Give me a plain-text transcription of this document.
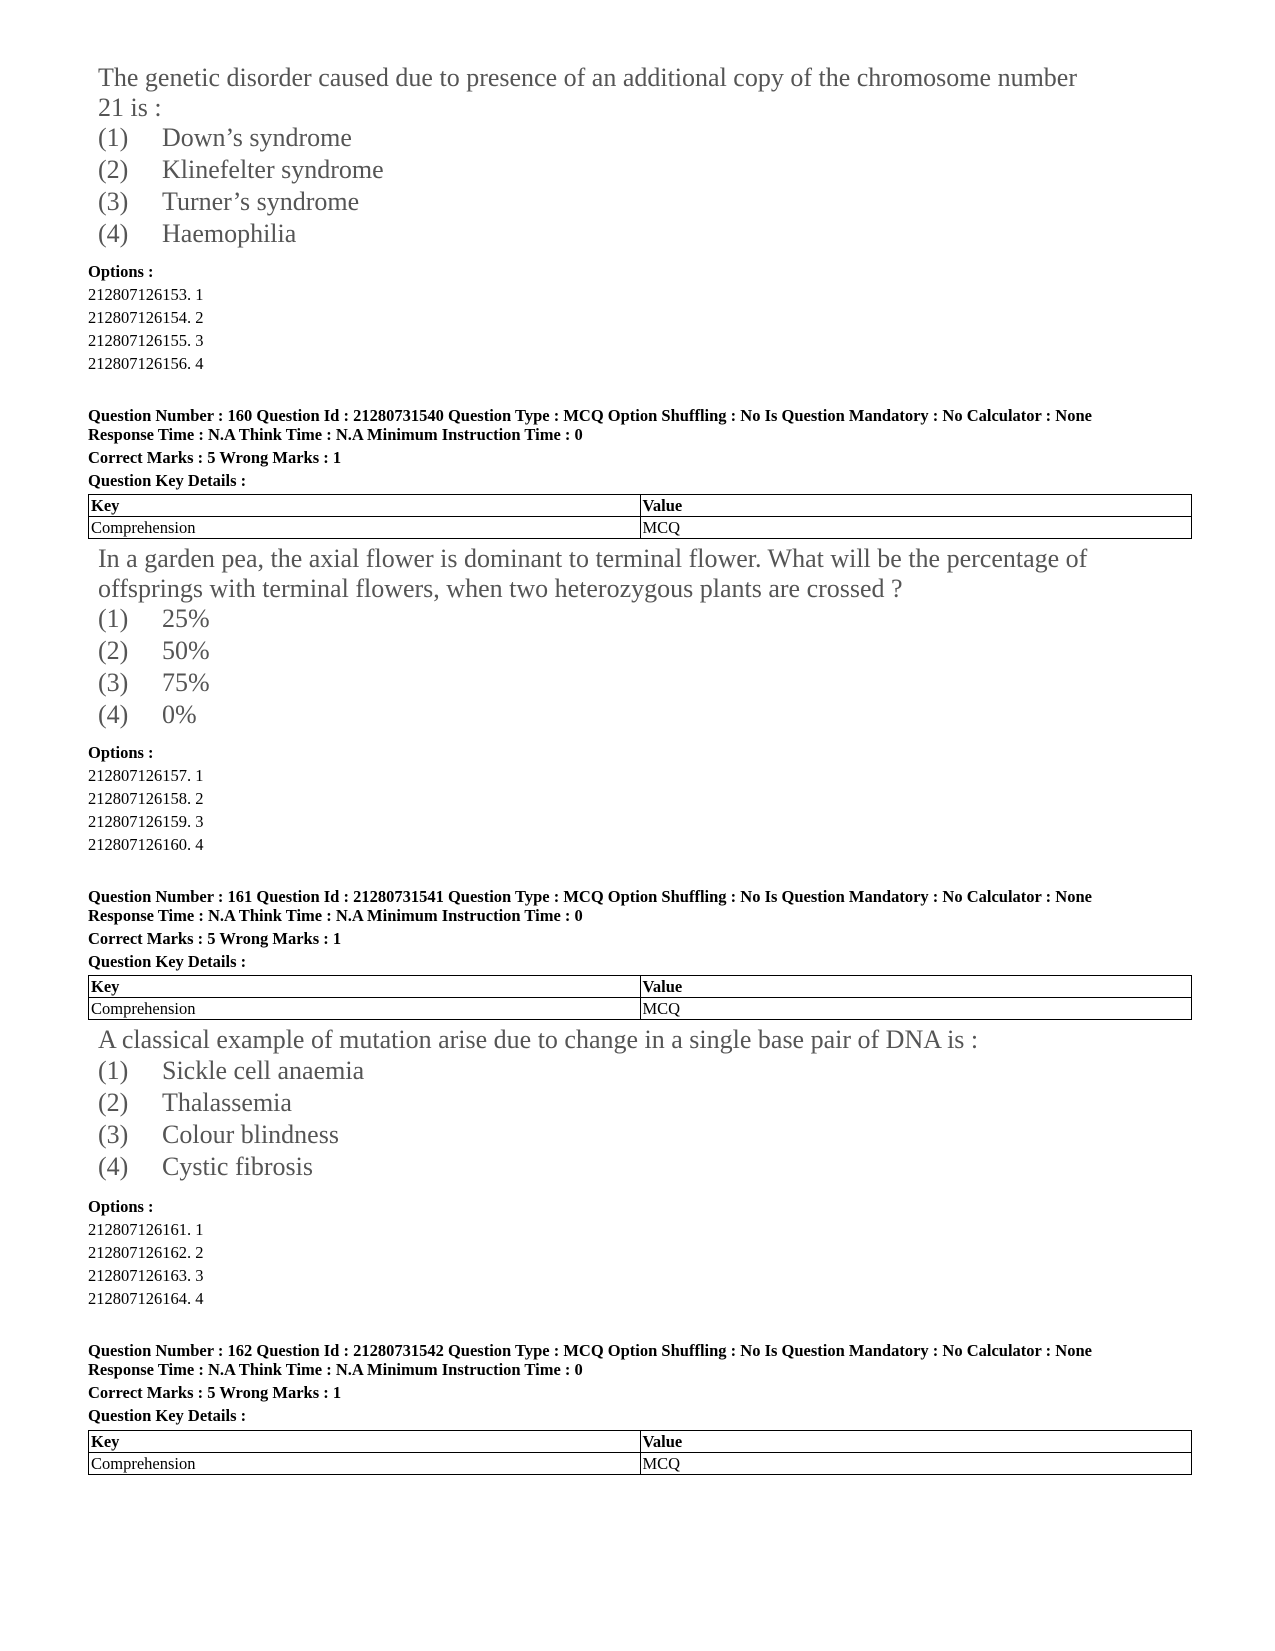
The genetic disorder caused due to presence of an additional copy of the chromosome number
21 is :
(1) Down’s syndrome
(2) Klinefelter syndrome
(3) Turner’s syndrome
(4) Haemophilia
Options :
212807126153. 1
212807126154. 2
212807126155. 3
212807126156. 4
Question Number : 160 Question Id : 21280731540 Question Type : MCQ Option Shuffling : No Is Question Mandatory : No Calculator : None
Response Time : N.A Think Time : N.A Minimum Instruction Time : 0
Correct Marks : 5 Wrong Marks : 1
Question Key Details :
Key	Value
Comprehension	MCQ
In a garden pea, the axial flower is dominant to terminal flower. What will be the percentage of
offsprings with terminal flowers, when two heterozygous plants are crossed ?
(1) 25%
(2) 50%
(3) 75%
(4) 0%
Options :
212807126157. 1
212807126158. 2
212807126159. 3
212807126160. 4
Question Number : 161 Question Id : 21280731541 Question Type : MCQ Option Shuffling : No Is Question Mandatory : No Calculator : None
Response Time : N.A Think Time : N.A Minimum Instruction Time : 0
Correct Marks : 5 Wrong Marks : 1
Question Key Details :
Key	Value
Comprehension	MCQ
A classical example of mutation arise due to change in a single base pair of DNA is :
(1) Sickle cell anaemia
(2) Thalassemia
(3) Colour blindness
(4) Cystic fibrosis
Options :
212807126161. 1
212807126162. 2
212807126163. 3
212807126164. 4
Question Number : 162 Question Id : 21280731542 Question Type : MCQ Option Shuffling : No Is Question Mandatory : No Calculator : None
Response Time : N.A Think Time : N.A Minimum Instruction Time : 0
Correct Marks : 5 Wrong Marks : 1
Question Key Details :
Key	Value
Comprehension	MCQ
